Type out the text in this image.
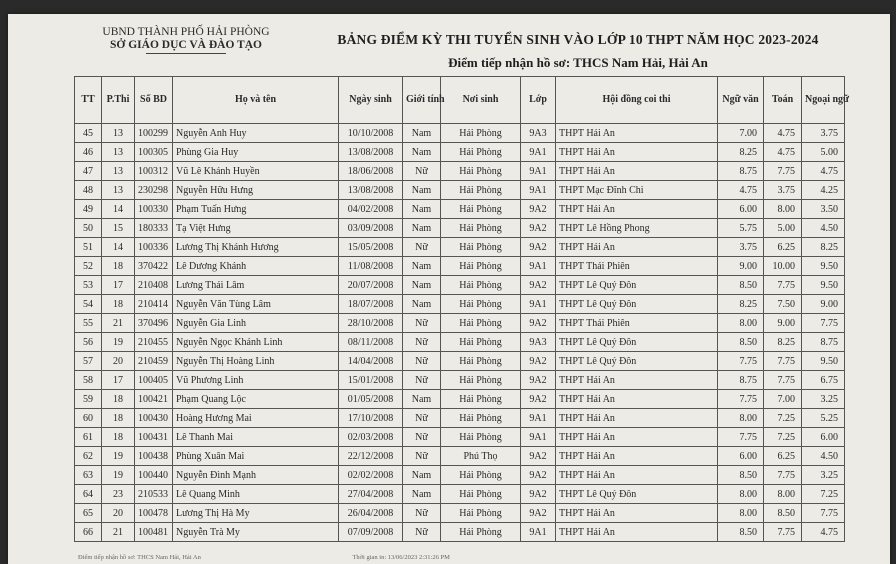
UBND THÀNH PHỐ HẢI PHÒNG
SỞ GIÁO DỤC VÀ ĐÀO TẠO	BẢNG ĐIỂM KỲ THI TUYỂN SINH VÀO LỚP 10 THPT NĂM HỌC 2023-2024
Điểm tiếp nhận hồ sơ: THCS Nam Hải, Hải An
TT	P.Thi	Số BD	Họ và tên	Ngày sinh	Giới tính	Nơi sinh	Lớp	Hội đồng coi thi	Ngữ văn	Toán	Ngoại ngữ
45	13	100299	Nguyễn Anh Huy	10/10/2008	Nam	Hải Phòng	9A3	THPT Hải An	7.00	4.75	3.75
46	13	100305	Phùng Gia Huy	13/08/2008	Nam	Hải Phòng	9A1	THPT Hải An	8.25	4.75	5.00
47	13	100312	Vũ Lê Khánh Huyền	18/06/2008	Nữ	Hải Phòng	9A1	THPT Hải An	8.75	7.75	4.75
48	13	230298	Nguyễn Hữu Hưng	13/08/2008	Nam	Hải Phòng	9A1	THPT Mạc Đĩnh Chi	4.75	3.75	4.25
49	14	100330	Phạm Tuấn Hưng	04/02/2008	Nam	Hải Phòng	9A2	THPT Hải An	6.00	8.00	3.50
50	15	180333	Tạ Việt Hưng	03/09/2008	Nam	Hải Phòng	9A2	THPT Lê Hồng Phong	5.75	5.00	4.50
51	14	100336	Lương Thị Khánh Hương	15/05/2008	Nữ	Hải Phòng	9A2	THPT Hải An	3.75	6.25	8.25
52	18	370422	Lê Dương Khánh	11/08/2008	Nam	Hải Phòng	9A1	THPT Thái Phiên	9.00	10.00	9.50
53	17	210408	Lương Thái Lâm	20/07/2008	Nam	Hải Phòng	9A2	THPT Lê Quý Đôn	8.50	7.75	9.50
54	18	210414	Nguyễn Văn Tùng Lâm	18/07/2008	Nam	Hải Phòng	9A1	THPT Lê Quý Đôn	8.25	7.50	9.00
55	21	370496	Nguyễn Gia Linh	28/10/2008	Nữ	Hải Phòng	9A2	THPT Thái Phiên	8.00	9.00	7.75
56	19	210455	Nguyễn Ngọc Khánh Linh	08/11/2008	Nữ	Hải Phòng	9A3	THPT Lê Quý Đôn	8.50	8.25	8.75
57	20	210459	Nguyễn Thị Hoàng Linh	14/04/2008	Nữ	Hải Phòng	9A2	THPT Lê Quý Đôn	7.75	7.75	9.50
58	17	100405	Vũ Phương Linh	15/01/2008	Nữ	Hải Phòng	9A2	THPT Hải An	8.75	7.75	6.75
59	18	100421	Phạm Quang Lộc	01/05/2008	Nam	Hải Phòng	9A2	THPT Hải An	7.75	7.00	3.25
60	18	100430	Hoàng Hương Mai	17/10/2008	Nữ	Hải Phòng	9A1	THPT Hải An	8.00	7.25	5.25
61	18	100431	Lê Thanh Mai	02/03/2008	Nữ	Hải Phòng	9A1	THPT Hải An	7.75	7.25	6.00
62	19	100438	Phùng Xuân Mai	22/12/2008	Nữ	Phú Thọ	9A2	THPT Hải An	6.00	6.25	4.50
63	19	100440	Nguyễn Đình Mạnh	02/02/2008	Nam	Hải Phòng	9A2	THPT Hải An	8.50	7.75	3.25
64	23	210533	Lê Quang Minh	27/04/2008	Nam	Hải Phòng	9A2	THPT Lê Quý Đôn	8.00	8.00	7.25
65	20	100478	Lương Thị Hà My	26/04/2008	Nữ	Hải Phòng	9A2	THPT Hải An	8.00	8.50	7.75
66	21	100481	Nguyễn Trà My	07/09/2008	Nữ	Hải Phòng	9A1	THPT Hải An	8.50	7.75	4.75
Điểm tiếp nhận hồ sơ: THCS Nam Hải, Hải An	Thời gian in: 13/06/2023 2:31:26 PM
